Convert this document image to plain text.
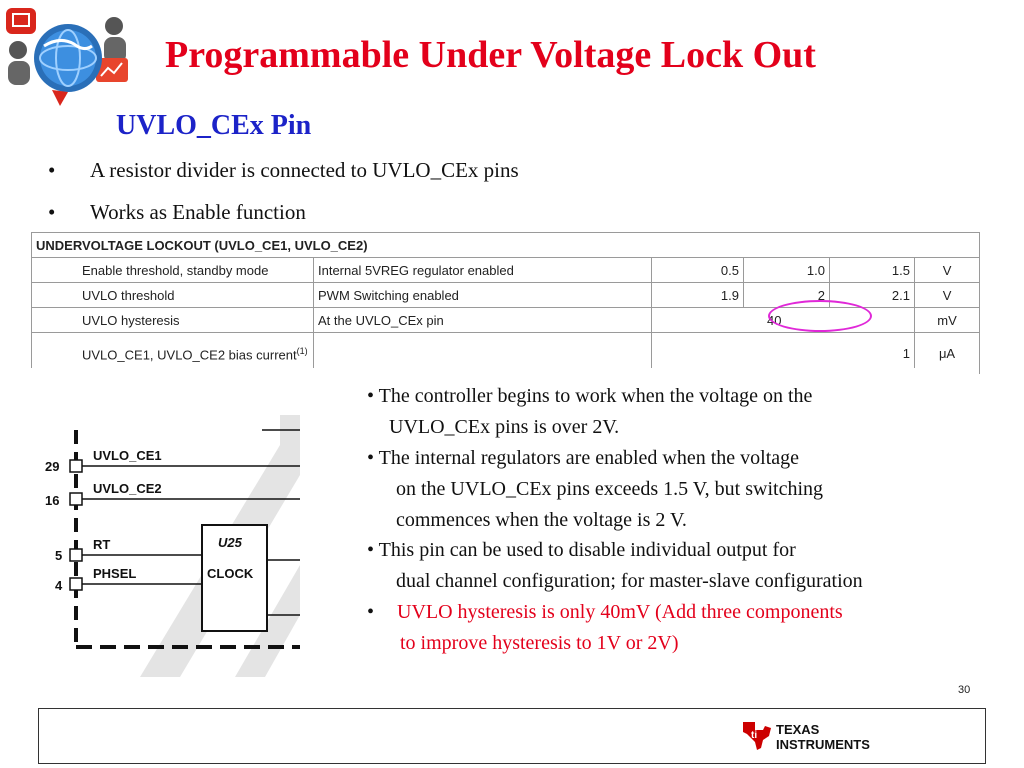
Programmable Under Voltage Lock Out
UVLO_CEx Pin
• A resistor divider is connected to UVLO_CEx pins
• Works as Enable function
UNDERVOLTAGE LOCKOUT (UVLO_CE1, UVLO_CE2)					
Enable threshold, standby mode	Internal 5VREG regulator enabled	0.5	1.0	1.5	V
UVLO threshold	PWM Switching enabled	1.9	2	2.1	V
UVLO hysteresis	At the UVLO_CEx pin	40			mV
UVLO_CE1, UVLO_CE2 bias current$^{(1)}$		1			μA
29
16
5
4
UVLO_CE1
UVLO_CE2
RT
PHSEL
U25
CLOCK
• The controller begins to work when the voltage on the
UVLO_CEx pins is over 2V.
• The internal regulators are enabled when the voltage
on the UVLO_CEx pins exceeds 1.5 V, but switching
commences when the voltage is 2 V.
• This pin can be used to disable individual output for
dual channel configuration; for master-slave configuration
• UVLO hysteresis is only 40mV (Add three components
to improve hysteresis to 1V or 2V)
30
ti TEXAS
INSTRUMENTS
